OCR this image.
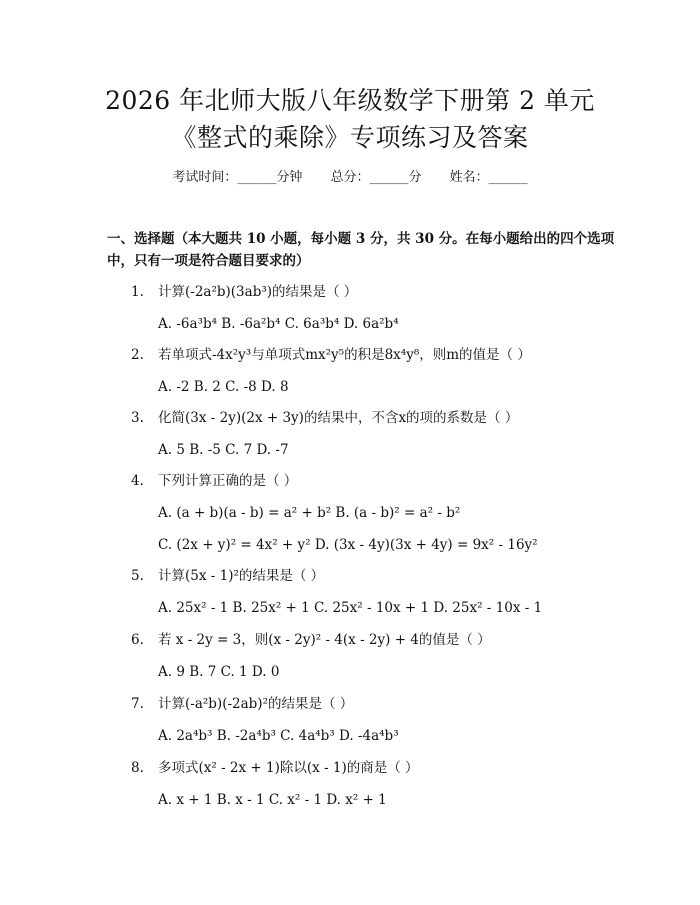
2026 年北师大版八年级数学下册第 2 单元
《整式的乘除》专项练习及答案
考试时间：______分钟 总分：______分 姓名：______
一、选择题（本大题共 10 小题，每小题 3 分，共 30 分。在每小题给出的四个选项中，只有一项是符合题目要求的）
1. 计算(-2a²b)(3ab³)的结果是（ ）
A. -6a³b⁴ B. -6a²b⁴ C. 6a³b⁴ D. 6a²b⁴
2. 若单项式-4x²y³与单项式mx²y⁵的积是8x⁴y⁸，则m的值是（ ）
A. -2 B. 2 C. -8 D. 8
3. 化简(3x - 2y)(2x + 3y)的结果中，不含x的项的系数是（ ）
A. 5 B. -5 C. 7 D. -7
4. 下列计算正确的是（ ）
A. (a + b)(a - b) = a² + b² B. (a - b)² = a² - b²
C. (2x + y)² = 4x² + y² D. (3x - 4y)(3x + 4y) = 9x² - 16y²
5. 计算(5x - 1)²的结果是（ ）
A. 25x² - 1 B. 25x² + 1 C. 25x² - 10x + 1 D. 25x² - 10x - 1
6. 若 x - 2y = 3，则(x - 2y)² - 4(x - 2y) + 4的值是（ ）
A. 9 B. 7 C. 1 D. 0
7. 计算(-a²b)(-2ab)²的结果是（ ）
A. 2a⁴b³ B. -2a⁴b³ C. 4a⁴b³ D. -4a⁴b³
8. 多项式(x² - 2x + 1)除以(x - 1)的商是（ ）
A. x + 1 B. x - 1 C. x² - 1 D. x² + 1
